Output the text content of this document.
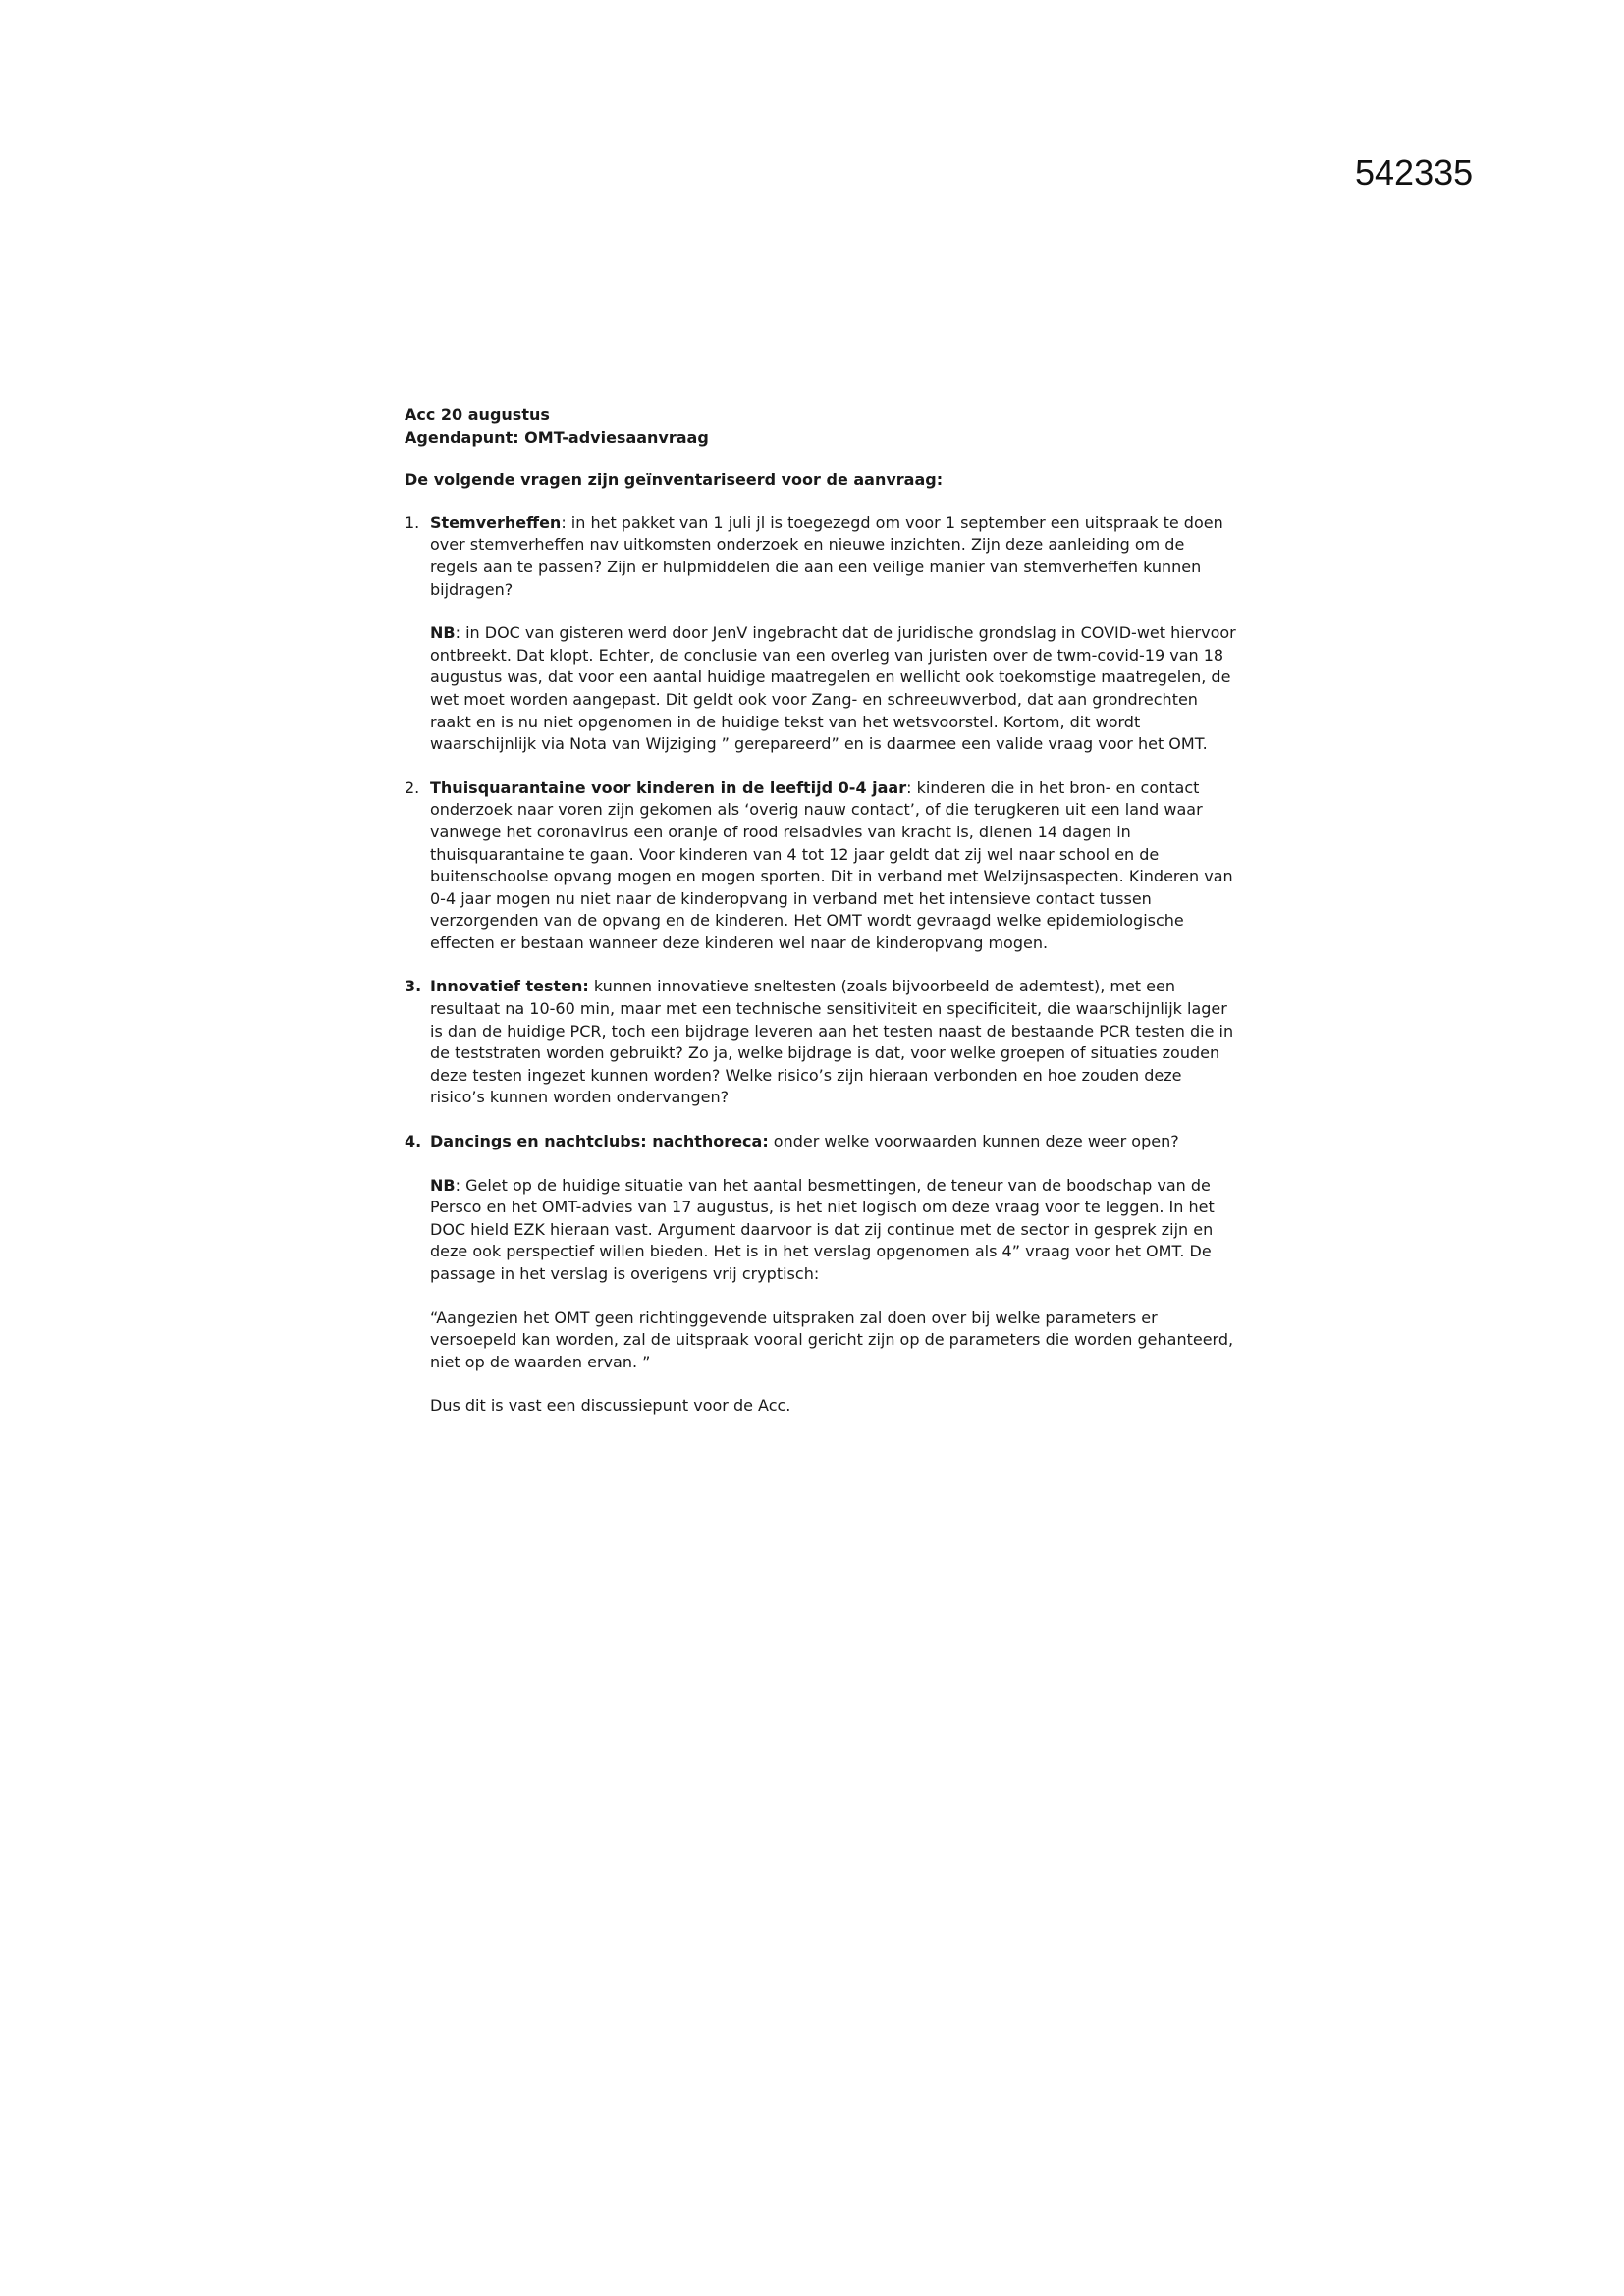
542335
Acc 20 augustus
Agendapunt: OMT-adviesaanvraag
De volgende vragen zijn geïnventariseerd voor de aanvraag:
1. Stemverheffen: in het pakket van 1 juli jl is toegezegd om voor 1 september een uitspraak te doen over stemverheffen nav uitkomsten onderzoek en nieuwe inzichten. Zijn deze aanleiding om de regels aan te passen? Zijn er hulpmiddelen die aan een veilige manier van stemverheffen kunnen bijdragen?
NB: in DOC van gisteren werd door JenV ingebracht dat de juridische grondslag in COVID-wet hiervoor ontbreekt. Dat klopt. Echter, de conclusie van een overleg van juristen over de twm-covid-19 van 18 augustus was, dat voor een aantal huidige maatregelen en wellicht ook toekomstige maatregelen, de wet moet worden aangepast. Dit geldt ook voor Zang- en schreeuwverbod, dat aan grondrechten raakt en is nu niet opgenomen in de huidige tekst van het wetsvoorstel. Kortom, dit wordt waarschijnlijk via Nota van Wijziging ” gerepareerd” en is daarmee een valide vraag voor het OMT.
2. Thuisquarantaine voor kinderen in de leeftijd 0-4 jaar: kinderen die in het bron- en contact onderzoek naar voren zijn gekomen als ‘overig nauw contact’, of die terugkeren uit een land waar vanwege het coronavirus een oranje of rood reisadvies van kracht is, dienen 14 dagen in thuisquarantaine te gaan. Voor kinderen van 4 tot 12 jaar geldt dat zij wel naar school en de buitenschoolse opvang mogen en mogen sporten. Dit in verband met Welzijnsaspecten. Kinderen van 0-4 jaar mogen nu niet naar de kinderopvang in verband met het intensieve contact tussen verzorgenden van de opvang en de kinderen. Het OMT wordt gevraagd welke epidemiologische effecten er bestaan wanneer deze kinderen wel naar de kinderopvang mogen.
3. Innovatief testen: kunnen innovatieve sneltesten (zoals bijvoorbeeld de ademtest), met een resultaat na 10-60 min, maar met een technische sensitiviteit en specificiteit, die waarschijnlijk lager is dan de huidige PCR, toch een bijdrage leveren aan het testen naast de bestaande PCR testen die in de teststraten worden gebruikt? Zo ja, welke bijdrage is dat, voor welke groepen of situaties zouden deze testen ingezet kunnen worden? Welke risico’s zijn hieraan verbonden en hoe zouden deze risico’s kunnen worden ondervangen?
4. Dancings en nachtclubs: nachthoreca: onder welke voorwaarden kunnen deze weer open?
NB: Gelet op de huidige situatie van het aantal besmettingen, de teneur van de boodschap van de Persco en het OMT-advies van 17 augustus, is het niet logisch om deze vraag voor te leggen. In het DOC hield EZK hieraan vast. Argument daarvoor is dat zij continue met de sector in gesprek zijn en deze ook perspectief willen bieden. Het is in het verslag opgenomen als 4” vraag voor het OMT. De passage in het verslag is overigens vrij cryptisch:
“Aangezien het OMT geen richtinggevende uitspraken zal doen over bij welke parameters er versoepeld kan worden, zal de uitspraak vooral gericht zijn op de parameters die worden gehanteerd, niet op de waarden ervan. ”
Dus dit is vast een discussiepunt voor de Acc.
